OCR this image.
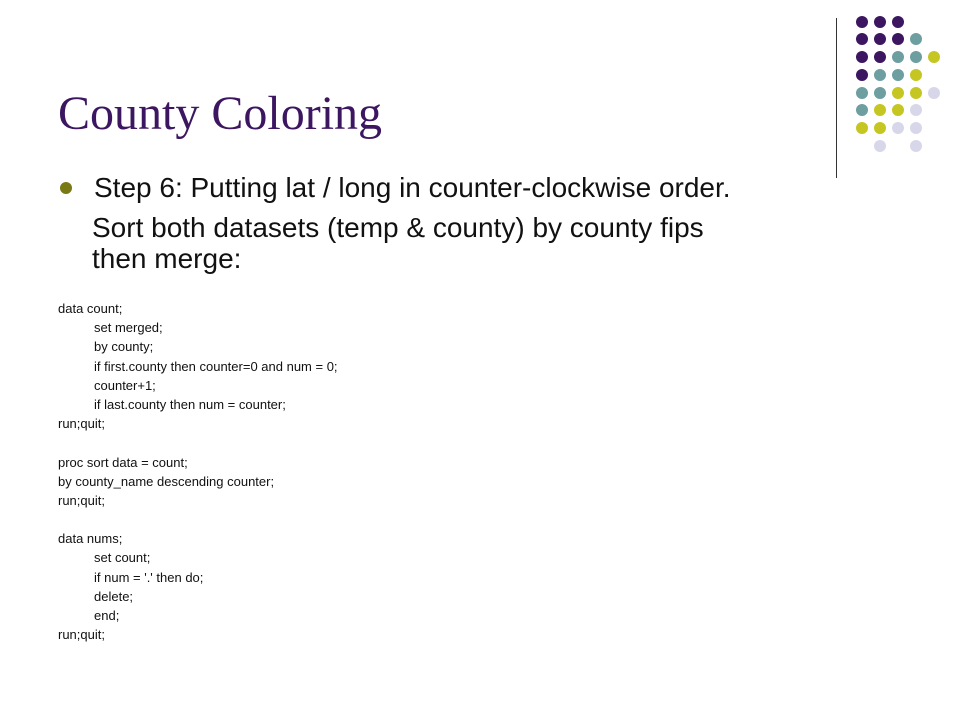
County Coloring
Step 6: Putting lat / long in counter-clockwise order.

Sort both datasets (temp & county) by county fips
then merge:

data count;
set merged;
by county;
if first.county then counter=0 and num = 0;
counter+1;
if last.county then num = counter;
run;quit;
proc sort data = count;
by county_name descending counter;
run;quit;
data nums;
set count;
if num = '.' then do;
delete;
end;
run;quit;
